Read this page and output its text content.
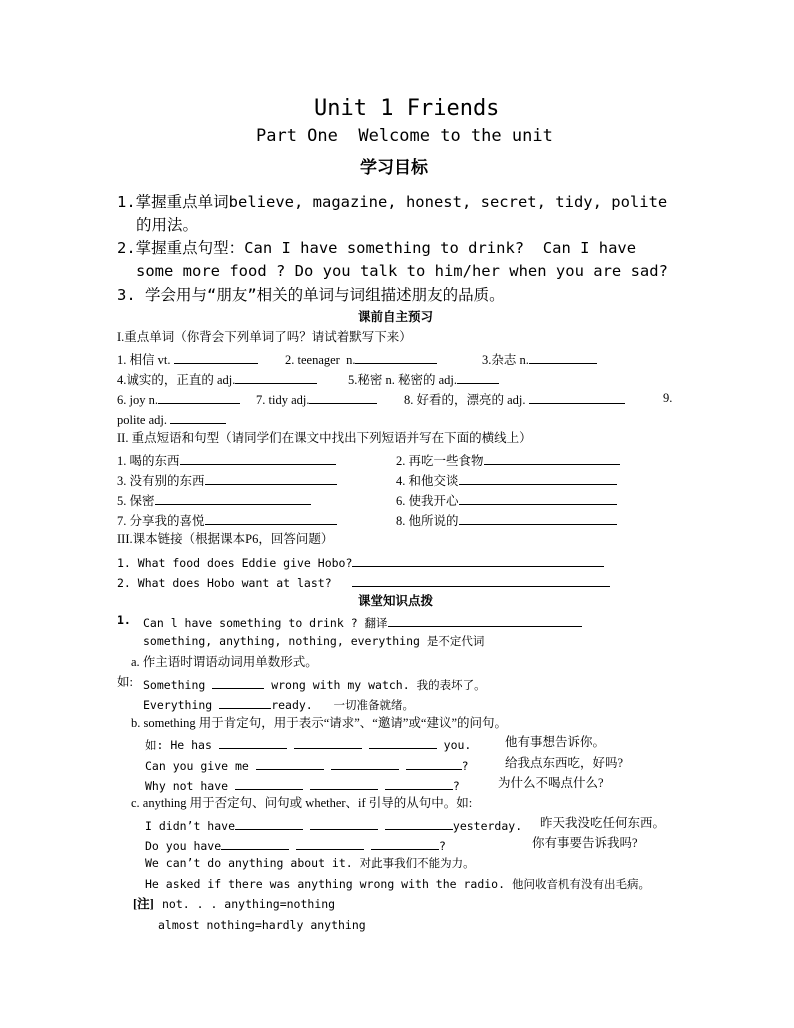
Unit 1 Friends
Part One  Welcome to the unit
学习目标
1.掌握重点单词believe, magazine, honest, secret, tidy, polite
的用法。
2.掌握重点句型：Can I have something to drink?  Can I have
some more food ? Do you talk to him/her when you are sad?
3. 学会用与“朋友”相关的单词与词组描述朋友的品质。
课前自主预习
I.重点单词（你背会下列单词了吗？请试着默写下来）
1. 相信 vt.	2. teenager  n.	3.杂志 n.
4.诚实的，正直的 adj.	5.秘密 n. 秘密的 adj.
6. joy n.	7. tidy adj.	8. 好看的，漂亮的 adj.	9.
polite adj.
II. 重点短语和句型（请同学们在课文中找出下列短语并写在下面的横线上）
1. 喝的东西	2. 再吃一些食物
3. 没有别的东西	4. 和他交谈
5. 保密	6. 使我开心
7. 分享我的喜悦	8. 他所说的
III.课本链接（根据课本P6，回答问题）
1. What food does Eddie give Hobo?
2. What does Hobo want at last?
课堂知识点拨
1. Can l have something to drink ? 翻译
something, anything, nothing, everything 是不定代词
a. 作主语时谓语动词用单数形式。
如: Something	wrong with my watch. 我的表坏了。
Everything	ready.   一切准备就绪。
b. something 用于肯定句，用于表示“请求”、“邀请”或“建议”的问句。
如: He has	you.	他有事想告诉你。
Can you give me	?	给我点东西吃，好吗?
Why not have	?	为什么不喝点什么?
c. anything 用于否定句、问句或 whether、if 引导的从句中。如:
I didn’t have	yesterday. 昨天我没吃任何东西。
Do you have	?	你有事要告诉我吗?
We can’t do anything about it. 对此事我们不能为力。
He asked if there was anything wrong with the radio. 他问收音机有没有出毛病。
[注] not. . . anything=nothing
almost nothing=hardly anything
